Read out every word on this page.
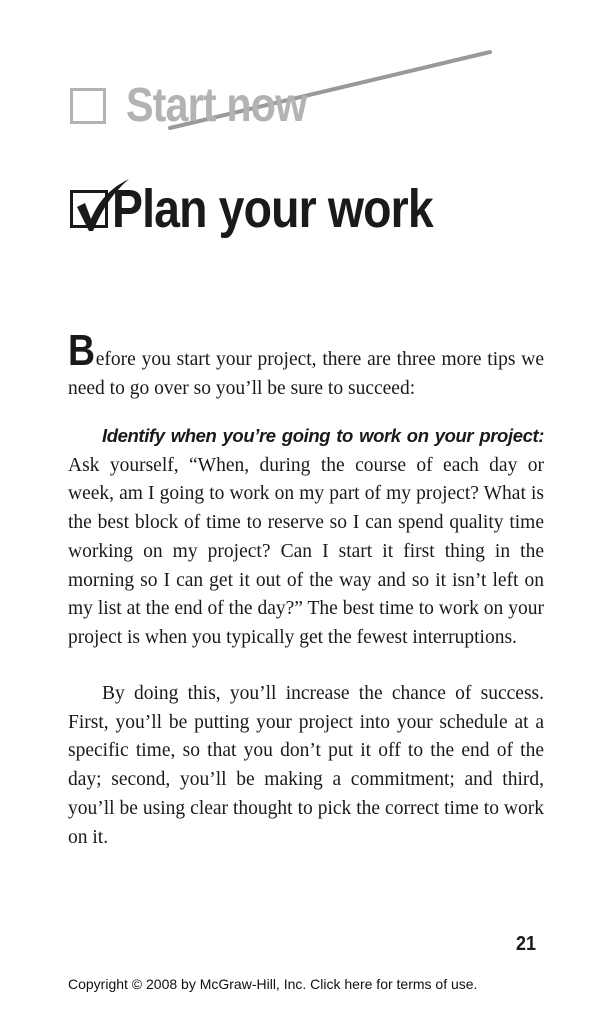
Start now
Plan your work
Before you start your project, there are three more tips we need to go over so you’ll be sure to succeed:
Identify when you’re going to work on your project: Ask yourself, “When, during the course of each day or week, am I going to work on my part of my project? What is the best block of time to reserve so I can spend quality time working on my project? Can I start it first thing in the morning so I can get it out of the way and so it isn’t left on my list at the end of the day?” The best time to work on your project is when you typically get the fewest interruptions.
By doing this, you’ll increase the chance of success. First, you’ll be putting your project into your schedule at a specific time, so that you don’t put it off to the end of the day; second, you’ll be making a commitment; and third, you’ll be using clear thought to pick the correct time to work on it.
21
Copyright © 2008 by McGraw-Hill, Inc. Click here for terms of use.
